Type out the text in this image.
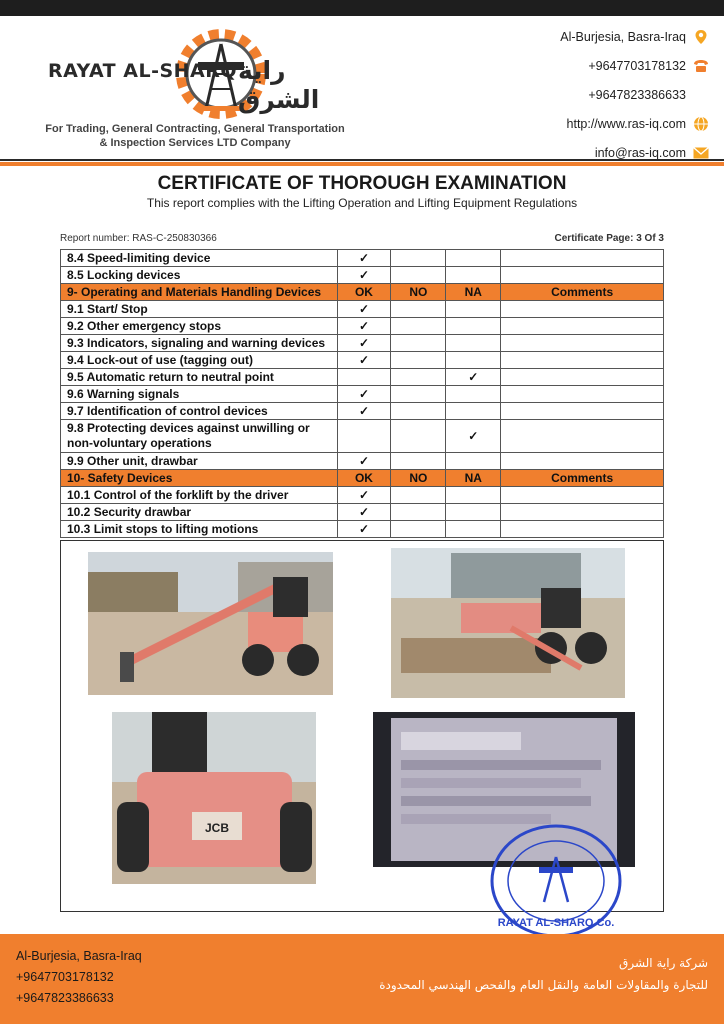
RAYAT AL-SHARQ راية الشرق
For Trading, General Contracting, General Transportation
& Inspection Services LTD Company
Al-Burjesia, Basra-Iraq
+9647703178132
+9647823386633
http://www.ras-iq.com
info@ras-iq.com
CERTIFICATE OF THOROUGH EXAMINATION
This report complies with the Lifting Operation and Lifting Equipment Regulations
Report number: RAS-C-250830366	Certificate Page: 3 Of 3
8.4 Speed-limiting device	✓			
8.5 Locking devices	✓			
9- Operating and Materials Handling Devices	OK	NO	NA	Comments
9.1 Start/ Stop	✓			
9.2 Other emergency stops	✓			
9.3 Indicators, signaling and warning devices	✓			
9.4 Lock-out of use (tagging out)	✓			
9.5 Automatic return to neutral point			✓	
9.6 Warning signals	✓			
9.7 Identification of control devices	✓			
9.8 Protecting devices against unwilling or non-voluntary operations			✓	
9.9 Other unit, drawbar	✓			
10- Safety Devices	OK	NO	NA	Comments
10.1 Control of the forklift by the driver	✓			
10.2 Security drawbar	✓			
10.3 Limit stops to lifting motions	✓			
JCB
RAYAT AL-SHARQ Co.
Al-Burjesia, Basra-Iraq
+9647703178132
+9647823386633
شركة راية الشرق
للتجارة والمقاولات العامة والنقل العام والفحص الهندسي المحدودة
